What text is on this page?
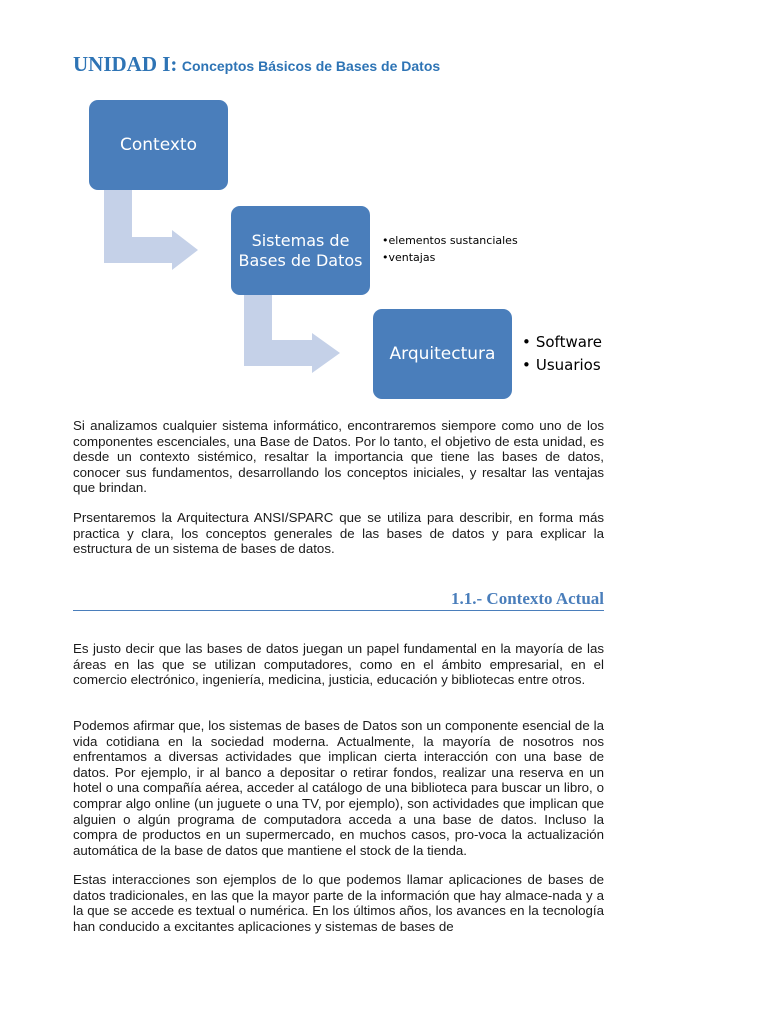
UNIDAD I: Conceptos Básicos de Bases de Datos
Contexto
Sistemas de Bases de Datos
Arquitectura
• elementos sustanciales
• ventajas
• Software
• Usuarios

Si analizamos cualquier sistema informático, encontraremos siempore como uno de los componentes escenciales, una Base de Datos. Por lo tanto, el objetivo de esta unidad, es desde un contexto sistémico, resaltar la importancia que tiene las bases de datos, conocer sus fundamentos, desarrollando los conceptos iniciales, y resaltar las ventajas que brindan.

Prsentaremos la Arquitectura ANSI/SPARC que se utiliza para describir, en forma más practica y clara, los conceptos generales de las bases de datos y para explicar la estructura de un sistema de bases de datos.

1.1.- Contexto Actual

Es justo decir que las bases de datos juegan un papel fundamental en la mayoría de las áreas en las que se utilizan computadores, como en el ámbito empresarial, en el comercio electrónico, ingeniería, medicina, justicia, educación y bibliotecas entre otros.

Podemos afirmar que, los sistemas de bases de Datos son un componente esencial de la vida cotidiana en la sociedad moderna. Actualmente, la mayoría de nosotros nos enfrentamos a diversas actividades que implican cierta interacción con una base de datos. Por ejemplo, ir al banco a depositar o retirar fondos, realizar una reserva en un hotel o una compañía aérea, acceder al catálogo de una biblioteca para buscar un libro, o comprar algo online (un juguete o una TV, por ejemplo), son actividades que implican que alguien o algún programa de computadora acceda a una base de datos. Incluso la compra de productos en un supermercado, en muchos casos, pro-voca la actualización automática de la base de datos que mantiene el stock de la tienda.

Estas interacciones son ejemplos de lo que podemos llamar aplicaciones de bases de datos tradicionales, en las que la mayor parte de la información que hay almace-nada y a la que se accede es textual o numérica. En los últimos años, los avances en la tecnología han conducido a excitantes aplicaciones y sistemas de bases de
